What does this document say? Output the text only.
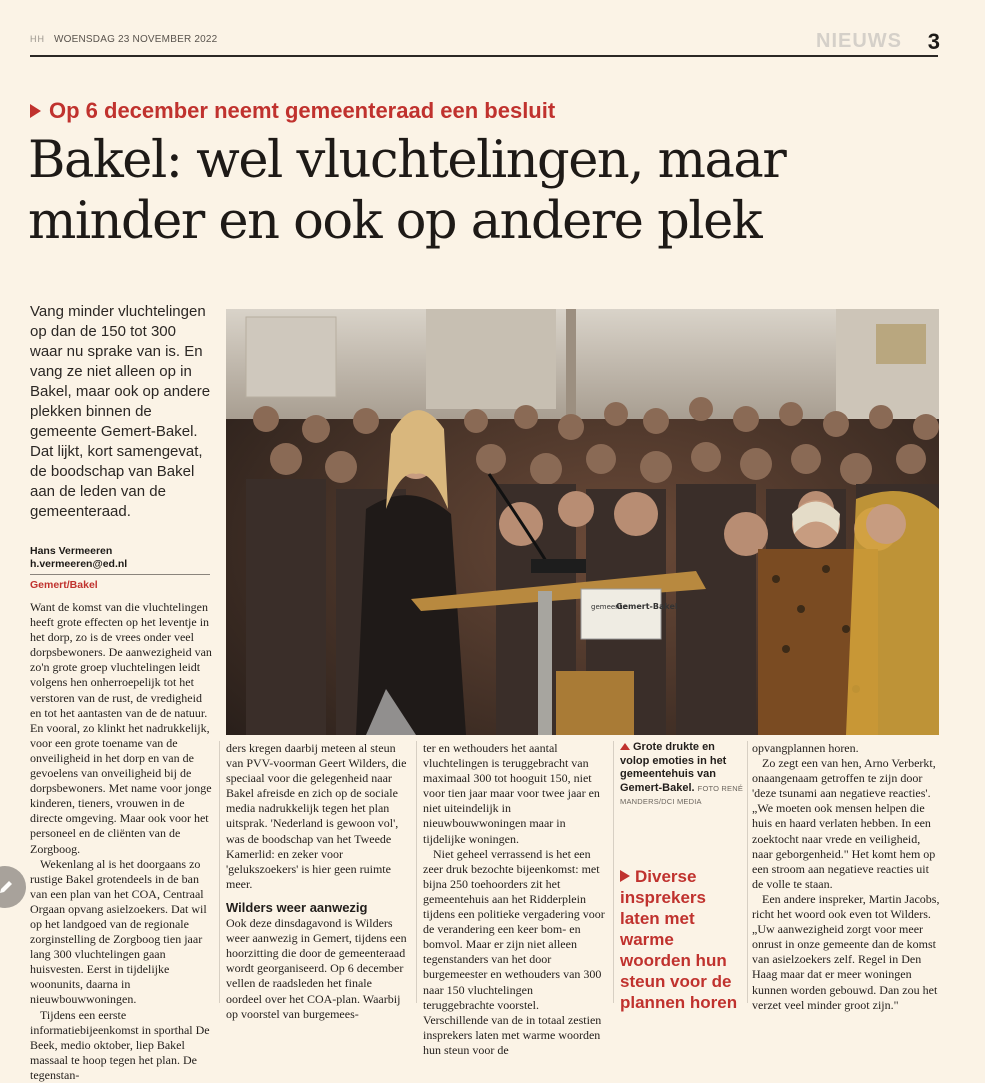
HH WOENSDAG 23 NOVEMBER 2022	NIEUWS 3
Op 6 december neemt gemeenteraad een besluit
Bakel: wel vluchtelingen, maar minder en ook op andere plek
Vang minder vluchtelingen op dan de 150 tot 300 waar nu sprake van is. En vang ze niet alleen op in Bakel, maar ook op andere plekken binnen de gemeente Gemert-Bakel. Dat lijkt, kort samengevat, de boodschap van Bakel aan de leden van de gemeenteraad.
Hans Vermeeren
h.vermeeren@ed.nl
Gemert/Bakel
gemeente
Gemert-Bakel

Want de komst van die vluchtelingen heeft grote effecten op het leventje in het dorp, zo is de vrees onder veel dorpsbewoners. De aanwezigheid van zo'n grote groep vluchtelingen leidt volgens hen onherroepelijk tot het verstoren van de rust, de vredigheid en tot het aantasten van de de natuur. En vooral, zo klinkt het nadrukkelijk, voor een grote toename van de onveiligheid in het dorp en van de gevoelens van onveiligheid bij de dorpsbewoners. Met name voor jonge kinderen, tieners, vrouwen in de directe omgeving. Maar ook voor het personeel en de cliënten van de Zorgboog.

Wekenlang al is het doorgaans zo rustige Bakel grotendeels in de ban van een plan van het COA, Centraal Orgaan opvang asielzoekers. Dat wil op het landgoed van de regionale zorginstelling de Zorgboog tien jaar lang 300 vluchtelingen gaan huisvesten. Eerst in tijdelijke woonunits, daarna in nieuwbouwwoningen.

Tijdens een eerste informatiebijeenkomst in sporthal De Beek, medio oktober, liep Bakel massaal te hoop tegen het plan. De tegenstan-

ders kregen daarbij meteen al steun van PVV-voorman Geert Wilders, die speciaal voor die gelegenheid naar Bakel afreisde en zich op de sociale media nadrukkelijk tegen het plan uitsprak. 'Nederland is gewoon vol', was de boodschap van het Tweede Kamerlid: en zeker voor 'gelukszoekers' is hier geen ruimte meer.

Wilders weer aanwezig

Ook deze dinsdagavond is Wilders weer aanwezig in Gemert, tijdens een hoorzitting die door de gemeenteraad wordt georganiseerd. Op 6 december vellen de raadsleden het finale oordeel over het COA-plan. Waarbij op voorstel van burgemees-

ter en wethouders het aantal vluchtelingen is teruggebracht van maximaal 300 tot hooguit 150, niet voor tien jaar maar voor twee jaar en niet uiteindelijk in nieuwbouwwoningen maar in tijdelijke woningen.

Niet geheel verrassend is het een zeer druk bezochte bijeenkomst: met bijna 250 toehoorders zit het gemeentehuis aan het Ridderplein tijdens een politieke vergadering voor de verandering een keer bom- en bomvol. Maar er zijn niet alleen tegenstanders van het door burgemeester en wethouders van 300 naar 150 vluchtelingen teruggebrachte voorstel. Verschillende van de in totaal zestien insprekers laten met warme woorden hun steun voor de

Grote drukte en volop emoties in het gemeentehuis van Gemert-Bakel. FOTO RENÉ MANDERS/DCI MEDIA
Diverse insprekers laten met warme woorden hun steun voor de plannen horen

opvangplannen horen.

Zo zegt een van hen, Arno Verberkt, onaangenaam getroffen te zijn door 'deze tsunami aan negatieve reacties'. „We moeten ook mensen helpen die huis en haard verlaten hebben. In een zoektocht naar vrede en veiligheid, naar geborgenheid." Het komt hem op een stroom aan negatieve reacties uit de volle te staan.

Een andere inspreker, Martin Jacobs, richt het woord ook even tot Wilders. „Uw aanwezigheid zorgt voor meer onrust in onze gemeente dan de komst van asielzoekers zelf. Regel in Den Haag maar dat er meer woningen kunnen worden gebouwd. Dan zou het verzet veel minder groot zijn."
